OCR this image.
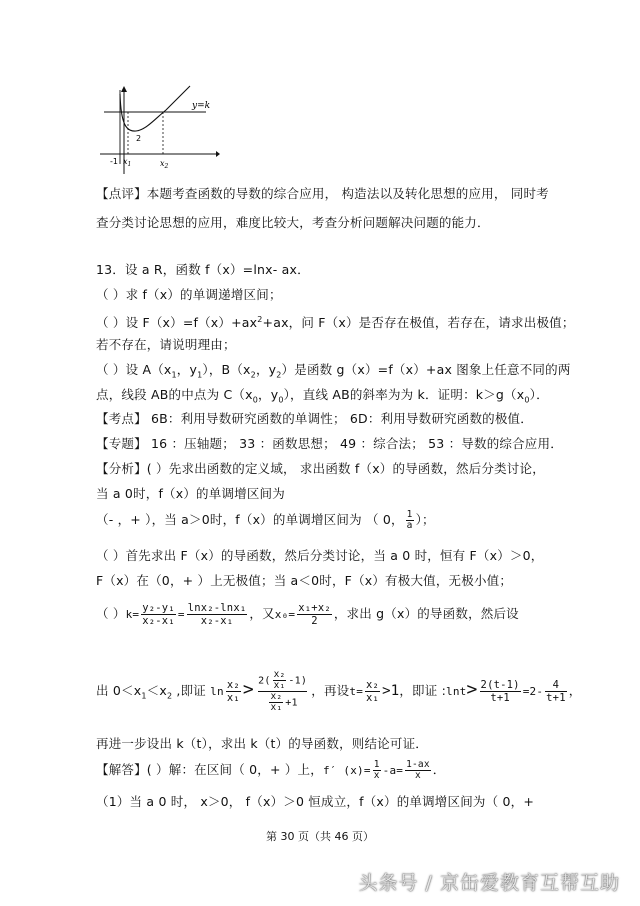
y=k
2
-1 $x_1$	$x_2$
【点评】本题考查函数的导数的综合应用， 构造法以及转化思想的应用， 同时考
查分类讨论思想的应用，难度比较大，考查分析问题解决问题的能力．
13．设 a R，函数 f（x）=lnx‐ ax．
（ ）求 f（x）的单调递增区间；
（ ）设 $F(x)=f(x)+ax^2+ax$，问 F（x）是否存在极值，若存在，请求出极值；
若不存在，请说明理由；
（ ）设 $A(x_1$，$y_1$），$B(x_2$，$y_2$）是函数 g（x）=f（x）+ax 图象上任意不同的两
点，线段 AB的中点为 $C(x_0$，$y_0$），直线 AB的斜率为为 k．证明：$k>g(x_0)$．
【考点】 6B：利用导数研究函数的单调性； 6D：利用导数研究函数的极值．
【专题】 16 ：压轴题； 33 ：函数思想； 49 ：综合法； 53 ：导数的综合应用．
【分析】( ）先求出函数的定义域， 求出函数 f（x）的导函数，然后分类讨论，
当 a 0时，f（x）的单调增区间为
（‐ ，+ ），当 a＞0时，f（x）的单调增区间为 （ 0， $\frac{1}{a}$ ）；
（ ）首先求出 F（x）的导函数，然后分类讨论，当 a 0 时，恒有 F（x）＞0，
F（x）在（0，+ ）上无极值；当 a＜0时，F（x）有极大值，无极小值；
（ ）$k= \frac{\text{y₂-y₁}}{\text{x₂-x₁}} = \frac{\text{lnx₂-lnx₁}}{\text{x₂-x₁}}$ ，又$x_0= \frac{\text{x₁+x₂}}{2}$ ，求出 g（x）的导函数，然后设
出 $0<x_1<x_2$ ,即证 $\ln \frac{\text{x₂}}{\text{x₁}} > \frac{2( \frac{\text{x₂}}{\text{x₁}} -1)}{\frac{\text{x₂}}{\text{x₁}} +1}$ ，再设$t= \frac{\text{x₂}}{\text{x₁}} >1$，即证 :lnt> $\frac{2(t-1)}{t+1} =2- \frac{4}{t+1}$ ，
再进一步设出 k（t），求出 k（t）的导函数，则结论可证．
【解答】( ）解：在区间（ 0，+ ）上，f′ $(x)= \frac{1}{x} -a= \frac{1-ax}{x}$ ．
（1）当 a 0 时， x＞0， f（x）＞0 恒成立，f（x）的单调增区间为（ 0，+
第 30 页（共 46 页）
头条号 / 京缶爱教育互帮互助
